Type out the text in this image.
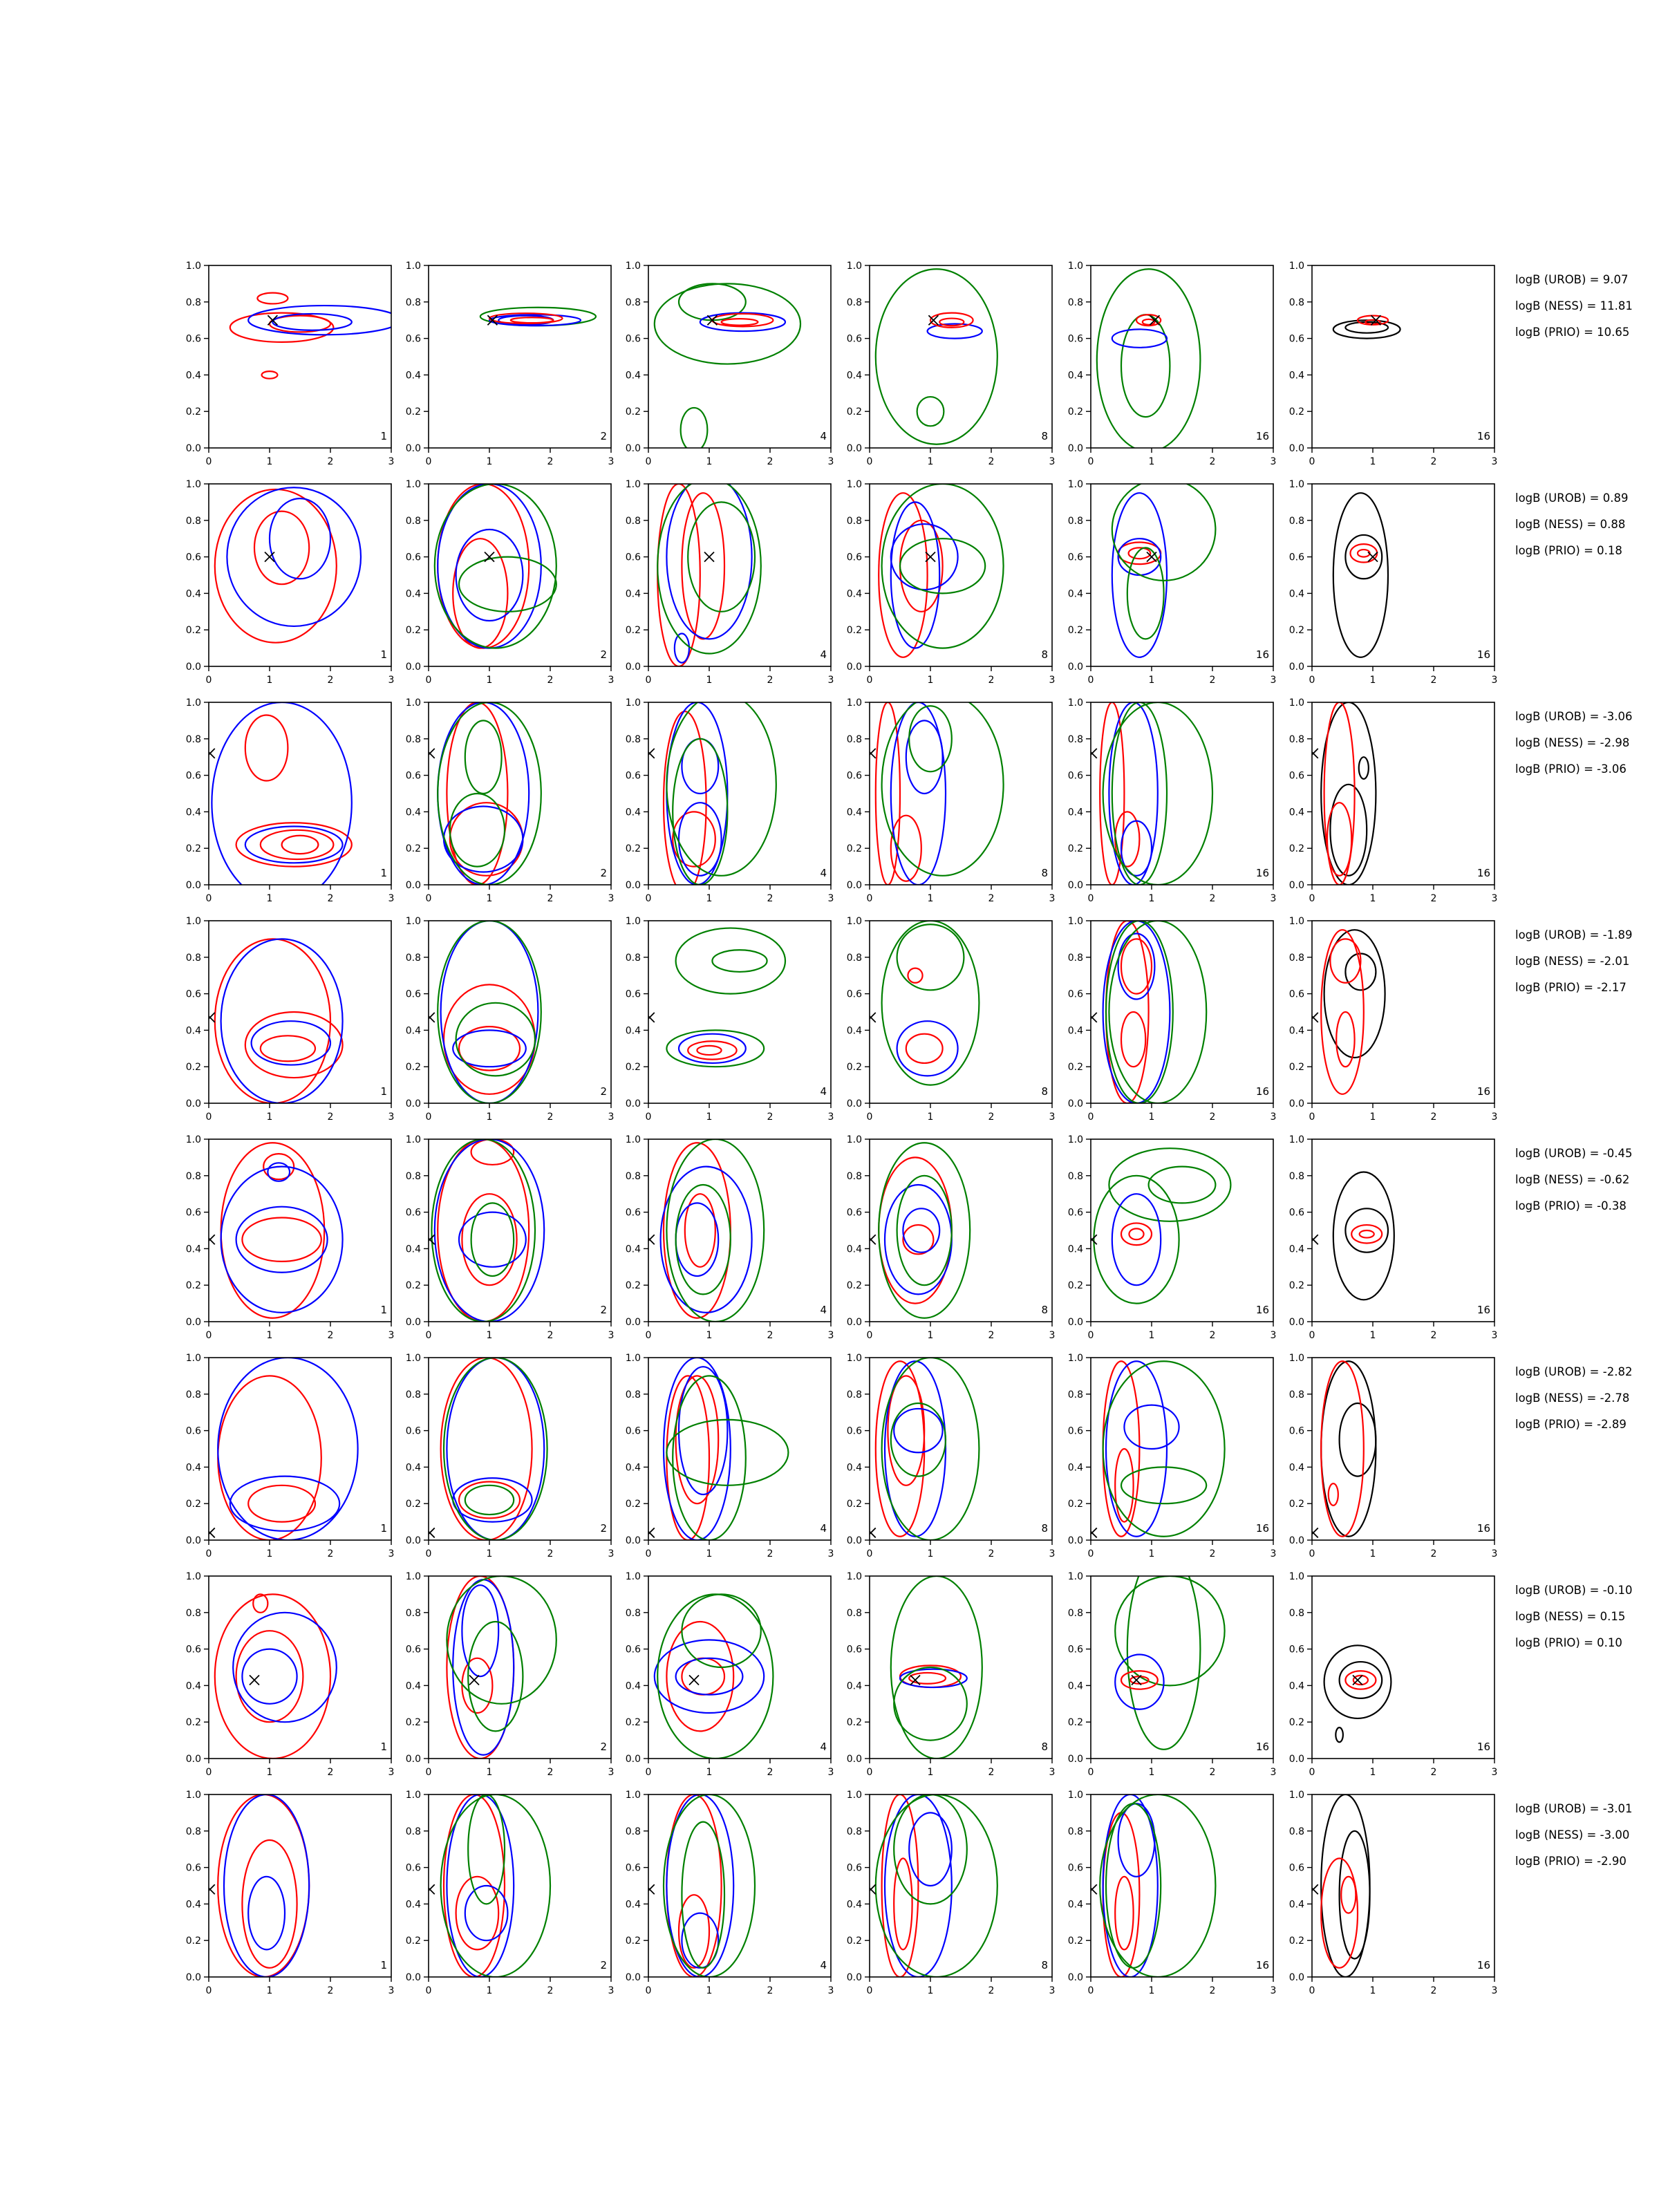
0	1	2	3
0.0
0.2
0.4
0.6
0.8
1.0
1
0	1	2	3
0.0
0.2
0.4
0.6
0.8
1.0
2
0	1	2	3
0.0
0.2
0.4
0.6
0.8
1.0
4
0	1	2	3
0.0
0.2
0.4
0.6
0.8
1.0
8
0	1	2	3
0.0
0.2
0.4
0.6
0.8
1.0
16
0	1	2	3
0.0
0.2
0.4
0.6
0.8
1.0
16
0	1	2	3
0.0
0.2
0.4
0.6
0.8
1.0
1
0	1	2	3
0.0
0.2
0.4
0.6
0.8
1.0
2
0	1	2	3
0.0
0.2
0.4
0.6
0.8
1.0
4
0	1	2	3
0.0
0.2
0.4
0.6
0.8
1.0
8
0	1	2	3
0.0
0.2
0.4
0.6
0.8
1.0
16
0	1	2	3
0.0
0.2
0.4
0.6
0.8
1.0
16
0	1	2	3
0.0
0.2
0.4
0.6
0.8
1.0
1
0	1	2	3
0.0
0.2
0.4
0.6
0.8
1.0
2
0	1	2	3
0.0
0.2
0.4
0.6
0.8
1.0
4
0	1	2	3
0.0
0.2
0.4
0.6
0.8
1.0
8
0	1	2	3
0.0
0.2
0.4
0.6
0.8
1.0
16
0	1	2	3
0.0
0.2
0.4
0.6
0.8
1.0
16
0	1	2	3
0.0
0.2
0.4
0.6
0.8
1.0
1
0	1	2	3
0.0
0.2
0.4
0.6
0.8
1.0
2
0	1	2	3
0.0
0.2
0.4
0.6
0.8
1.0
4
0	1	2	3
0.0
0.2
0.4
0.6
0.8
1.0
8
0	1	2	3
0.0
0.2
0.4
0.6
0.8
1.0
16
0	1	2	3
0.0
0.2
0.4
0.6
0.8
1.0
16
0	1	2	3
0.0
0.2
0.4
0.6
0.8
1.0
1
0	1	2	3
0.0
0.2
0.4
0.6
0.8
1.0
2
0	1	2	3
0.0
0.2
0.4
0.6
0.8
1.0
4
0	1	2	3
0.0
0.2
0.4
0.6
0.8
1.0
8
0	1	2	3
0.0
0.2
0.4
0.6
0.8
1.0
16
0	1	2	3
0.0
0.2
0.4
0.6
0.8
1.0
16
0	1	2	3
0.0
0.2
0.4
0.6
0.8
1.0
1
0	1	2	3
0.0
0.2
0.4
0.6
0.8
1.0
2
0	1	2	3
0.0
0.2
0.4
0.6
0.8
1.0
4
0	1	2	3
0.0
0.2
0.4
0.6
0.8
1.0
8
0	1	2	3
0.0
0.2
0.4
0.6
0.8
1.0
16
0	1	2	3
0.0
0.2
0.4
0.6
0.8
1.0
16
0	1	2	3
0.0
0.2
0.4
0.6
0.8
1.0
1
0	1	2	3
0.0
0.2
0.4
0.6
0.8
1.0
2
0	1	2	3
0.0
0.2
0.4
0.6
0.8
1.0
4
0	1	2	3
0.0
0.2
0.4
0.6
0.8
1.0
8
0	1	2	3
0.0
0.2
0.4
0.6
0.8
1.0
16
0	1	2	3
0.0
0.2
0.4
0.6
0.8
1.0
16
0	1	2	3
0.0
0.2
0.4
0.6
0.8
1.0
1
0	1	2	3
0.0
0.2
0.4
0.6
0.8
1.0
2
0	1	2	3
0.0
0.2
0.4
0.6
0.8
1.0
4
0	1	2	3
0.0
0.2
0.4
0.6
0.8
1.0
8
0	1	2	3
0.0
0.2
0.4
0.6
0.8
1.0
16
0	1	2	3
0.0
0.2
0.4
0.6
0.8
1.0
16
logB (UROB) = 9.07
logB (NESS) = 11.81
logB (PRIO) = 10.65
logB (UROB) = 0.89
logB (NESS) = 0.88
logB (PRIO) = 0.18
logB (UROB) = -3.06
logB (NESS) = -2.98
logB (PRIO) = -3.06
logB (UROB) = -1.89
logB (NESS) = -2.01
logB (PRIO) = -2.17
logB (UROB) = -0.45
logB (NESS) = -0.62
logB (PRIO) = -0.38
logB (UROB) = -2.82
logB (NESS) = -2.78
logB (PRIO) = -2.89
logB (UROB) = -0.10
logB (NESS) = 0.15
logB (PRIO) = 0.10
logB (UROB) = -3.01
logB (NESS) = -3.00
logB (PRIO) = -2.90
